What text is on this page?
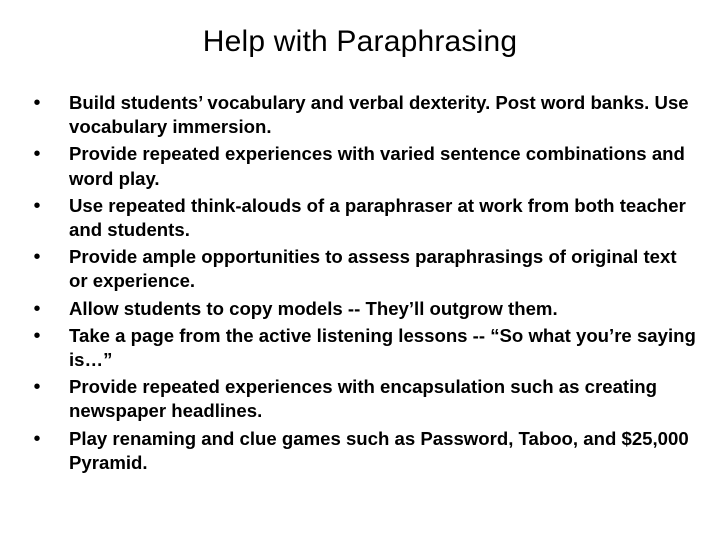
Help with Paraphrasing
• Build students’ vocabulary and verbal dexterity. Post word banks. Use vocabulary immersion.
• Provide repeated experiences with varied sentence combinations and word play.
• Use repeated think-alouds of a paraphraser at work from both teacher and students.
• Provide ample opportunities to assess paraphrasings of original text or experience.
• Allow students to copy models -- They’ll outgrow them.
• Take a page from the active listening lessons -- “So what you’re saying is…”
• Provide repeated experiences with encapsulation such as creating newspaper headlines.
• Play renaming and clue games such as Password, Taboo, and $25,000 Pyramid.
